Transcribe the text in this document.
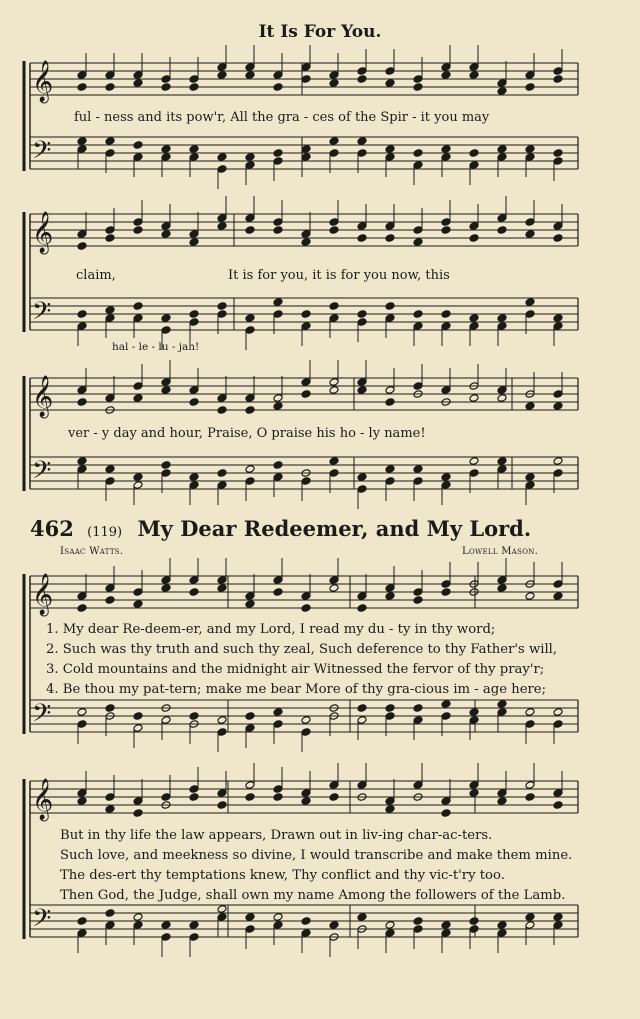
It Is For You.
𝄞
𝄢
𝄞
𝄢
𝄞
𝄢
𝄞
𝄢
𝄞
𝄢
ful - ness and its pow'r, All the gra - ces of the Spir - it you may
claim,	It is for you, it is for you now, this
hal - le - lu - jah!
ver - y day and hour, Praise, O praise his ho - ly name!
462 (119) My Dear Redeemer, and My Lord.
Isaac Watts.	Lowell Mason.
1. My dear Re-deem-er, and my Lord, I read my du - ty in thy word;
2. Such was thy truth and such thy zeal, Such deference to thy Father's will,
3. Cold mountains and the midnight air Witnessed the fervor of thy pray'r;
4. Be thou my pat-tern; make me bear More of thy gra-cious im - age here;
But in thy life the law appears, Drawn out in liv-ing char-ac-ters.
Such love, and meekness so divine, I would transcribe and make them mine.
The des-ert thy temptations knew, Thy conflict and thy vic-t'ry too.
Then God, the Judge, shall own my name Among the followers of the Lamb.
